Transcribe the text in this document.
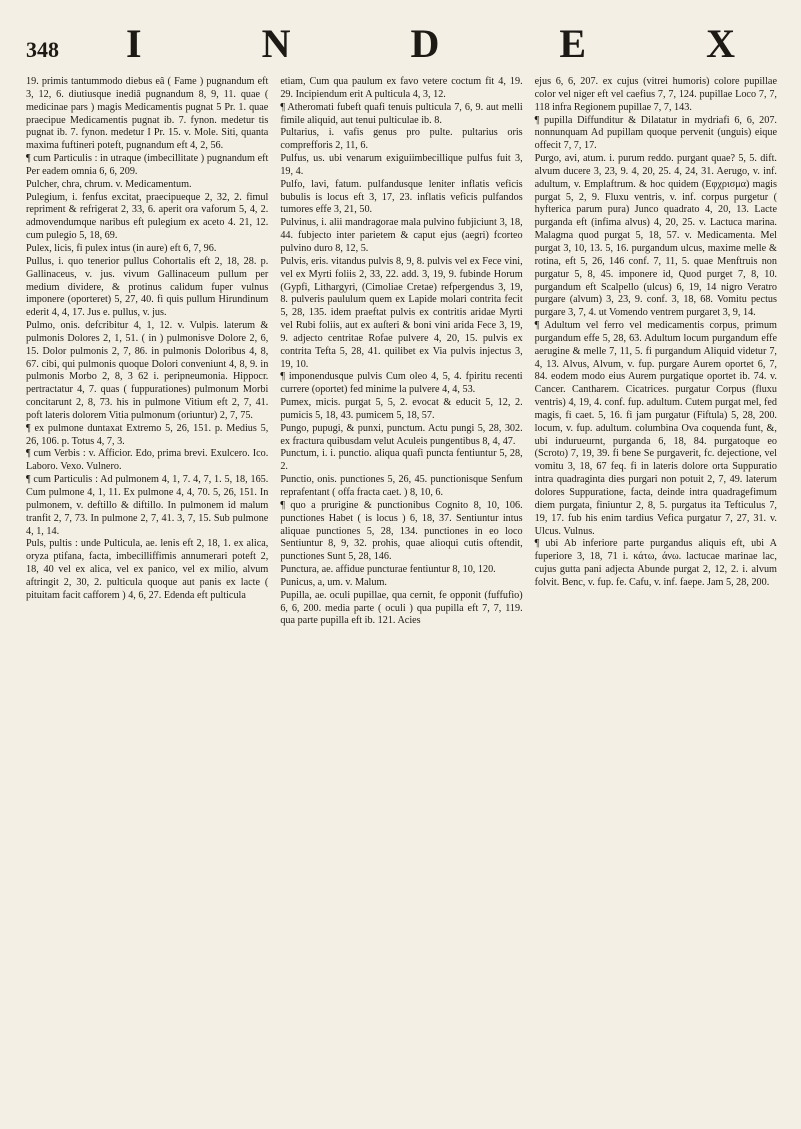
348	I	N	D	E	X

19. primis tantummodo diebus eâ ( Fame ) pugnandum eft 3, 12, 6. diutiusque inediâ pugnandum 8, 9, 11. quae ( medicinae pars ) magis Medicamentis pugnat 5 Pr. 1. quae praecipue Medicamentis pugnat ib. 7. fynon. medetur tis pugnat ib. 7. fynon. medetur I Pr. 15. v. Mole. Siti, quanta maxima fuftineri poteft, pugnandum eft 4, 2, 56.

¶ cum Particulis : in utraque (imbecillitate ) pugnandum eft Per eadem omnia 6, 6, 209.

Pulcher, chra, chrum. v. Medicamentum.

Pulegium, i. fenfus excitat, praecipueque 2, 32, 2. fimul repriment & refrigerat 2, 33, 6. aperit ora vaforum 5, 4, 2. admovendumque naribus eft pulegium ex aceto 4. 21, 12. cum pulegio 5, 18, 69.

Pulex, licis, fi pulex intus (in aure) eft 6, 7, 96.

Pullus, i. quo tenerior pullus Cohortalis eft 2, 18, 28. p. Gallinaceus, v. jus. vivum Gallinaceum pullum per medium dividere, & protinus calidum fuper vulnus imponere (oporteret) 5, 27, 40. fi quis pullum Hirundinum ederit 4, 4, 17. Jus e. pullus, v. jus.

Pulmo, onis. defcribitur 4, 1, 12. v. Vulpis. laterum & pulmonis Dolores 2, 1, 51. ( in ) pulmonisve Dolore 2, 6, 15. Dolor pulmonis 2, 7, 86. in pulmonis Doloribus 4, 8, 67. cibi, qui pulmonis quoque Dolori conveniunt 4, 8, 9. in pulmonis Morbo 2, 8, 3 62 i. peripneumonia. Hippocr. pertractatur 4, 7. quas ( fuppurationes) pulmonum Morbi concitarunt 2, 8, 73. his in pulmone Vitium eft 2, 7, 41. poft lateris dolorem Vitia pulmonum (oriuntur) 2, 7, 75.

¶ ex pulmone duntaxat Extremo 5, 26, 151. p. Medius 5, 26, 106. p. Totus 4, 7, 3.

¶ cum Verbis : v. Afficior. Edo, prima brevi. Exulcero. Ico. Laboro. Vexo. Vulnero.

¶ cum Particulis : Ad pulmonem 4, 1, 7. 4, 7, 1. 5, 18, 165. Cum pulmone 4, 1, 11. Ex pulmone 4, 4, 70. 5, 26, 151. In pulmonem, v. deftillo & diftillo. In pulmonem id malum tranfit 2, 7, 73. In pulmone 2, 7, 41. 3, 7, 15. Sub pulmone 4, 1, 14.

Puls, pultis : unde Pulticula, ae. lenis eft 2, 18, 1. ex alica, oryza ptifana, facta, imbecilliffimis annumerari poteft 2, 18, 40 vel ex alica, vel ex panico, vel ex milio, alvum aftringit 2, 30, 2. pulticula quoque aut panis ex lacte ( pituitam facit cafforem ) 4, 6, 27. Edenda eft pulticula

etiam, Cum qua paulum ex favo vetere coctum fit 4, 19. 29. Incipiendum erit A pulticula 4, 3, 12.

¶ Atheromati fubeft quafi tenuis pulticula 7, 6, 9. aut melli fimile aliquid, aut tenui pulticulae ib. 8.

Pultarius, i. vafis genus pro pulte. pultarius oris comprefforis 2, 11, 6.

Pulfus, us. ubi venarum exiguiimbecillique pulfus fuit 3, 19, 4.

Pulfo, lavi, fatum. pulfandusque leniter inflatis veficis bubulis is locus eft 3, 17, 23. inflatis veficis pulfandos tumores effe 3, 21, 50.

Pulvinus, i. alii mandragorae mala pulvino fubjiciunt 3, 18, 44. fubjecto inter parietem & caput ejus (aegri) fcorteo pulvino duro 8, 12, 5.

Pulvis, eris. vitandus pulvis 8, 9, 8. pulvis vel ex Fece vini, vel ex Myrti foliis 2, 33, 22. add. 3, 19, 9. fubinde Horum (Gypfi, Lithargyri, (Cimoliae Cretae) refpergendus 3, 19, 8. pulveris paululum quem ex Lapide molari contrita fecit 5, 28, 135. idem praeftat pulvis ex contritis aridae Myrti vel Rubi foliis, aut ex auſteri & boni vini arida Fece 3, 19, 9. adjecto centritae Rofae pulvere 4, 20, 15. pulvis ex contrita Tefta 5, 28, 41. quilibet ex Via pulvis injectus 3, 19, 10.

¶ imponendusque pulvis Cum oleo 4, 5, 4. fpiritu recenti currere (oportet) fed minime la pulvere 4, 4, 53.

Pumex, micis. purgat 5, 5, 2. evocat & educit 5, 12, 2. pumicis 5, 18, 43. pumicem 5, 18, 57.

Pungo, pupugi, & punxi, punctum. Actu pungi 5, 28, 302. ex fractura quibusdam velut Aculeis pungentibus 8, 4, 47.

Punctum, i. i. punctio. aliqua quafi puncta fentiuntur 5, 28, 2.

Punctio, onis. punctiones 5, 26, 45. punctionisque Senfum reprafentant ( offa fracta caet. ) 8, 10, 6.

¶ quo a prurigine & punctionibus Cognito 8, 10, 106. punctiones Habet ( is locus ) 6, 18, 37. Sentiuntur intus aliquae punctiones 5, 28, 134. punctiones in eo loco Sentiuntur 8, 9, 32. prohis, quae alioqui cutis oftendit, punctiones Sunt 5, 28, 146.

Punctura, ae. affidue puncturae fentiuntur 8, 10, 120.

Punicus, a, um. v. Malum.

Pupilla, ae. oculi pupillae, qua cernit, fe opponit (fuffufio) 6, 6, 200. media parte ( oculi ) qua pupilla eft 7, 7, 119. qua parte pupilla eft ib. 121. Acies

ejus 6, 6, 207. ex cujus (vitrei humoris) colore pupillae color vel niger eft vel caefius 7, 7, 124. pupillae Loco 7, 7, 118 infra Regionem pupillae 7, 7, 143.

¶ pupilla Diffunditur & Dilatatur in mydriafi 6, 6, 207. nonnunquam Ad pupillam quoque pervenit (unguis) eique offecit 7, 7, 17.

Purgo, avi, atum. i. purum reddo. purgant quae? 5, 5. dift. alvum ducere 3, 23, 9. 4, 20, 25. 4, 24, 31. Aerugo, v. inf. adultum, v. Emplaftrum. & hoc quidem (Εφχρισμα) magis purgat 5, 2, 9. Fluxu ventris, v. inf. corpus purgetur ( hyfterica parum pura) Junco quadrato 4, 20, 13. Lacte purganda eft (infima alvus) 4, 20, 25. v. Lactuca marina. Malagma quod purgat 5, 18, 57. v. Medicamenta. Mel purgat 3, 10, 13. 5, 16. purgandum ulcus, maxime melle & rotina, eft 5, 26, 146 conf. 7, 11, 5. quae Menftruis non purgatur 5, 8, 45. imponere id, Quod purget 7, 8, 10. purgandum eft Scalpello (ulcus) 6, 19, 14 nigro Veratro purgare (alvum) 3, 23, 9. conf. 3, 18, 68. Vomitu pectus purgare 3, 7, 4. ut Vomendo ventrem purgaret 3, 9, 14.

¶ Adultum vel ferro vel medicamentis corpus, primum purgandum effe 5, 28, 63. Adultum locum purgandum effe aerugine & melle 7, 11, 5. fi purgandum Aliquid videtur 7, 4, 13. Alvus, Alvum, v. fup. purgare Aurem oportet 6, 7, 84. eodem modo eius Aurem purgatique oportet ib. 74. v. Cancer. Cantharem. Cicatrices. purgatur Corpus (fluxu ventris) 4, 19, 4. conf. fup. adultum. Cutem purgat mel, fed magis, fi caet. 5, 16. fi jam purgatur (Fiftula) 5, 28, 200. locum, v. fup. adultum. columbina Ova coquenda funt, &, ubi indurueurnt, purganda 6, 18, 84. purgatoque eo (Scroto) 7, 19, 39. fi bene Se purgaverit, fc. dejectione, vel vomitu 3, 18, 67 feq. fi in lateris dolore orta Suppuratio intra quadraginta dies purgari non potuit 2, 7, 49. laterum dolores Suppuratione, facta, deinde intra quadragefimum diem purgata, finiuntur 2, 8, 5. purgatus ita Tefticulus 7, 19, 17. fub his enim tardius Vefica purgatur 7, 27, 31. v. Ulcus. Vulnus.

¶ ubi Ab inferiore parte purgandus aliquis eft, ubi A fuperiore 3, 18, 71 i. κάτω, άνω. lactucae marinae lac, cujus gutta pani adjecta Abunde purgat 2, 12, 2. i. alvum folvit. Benc, v. fup. fe. Cafu, v. inf. faepe. Jam 5, 28, 200.
